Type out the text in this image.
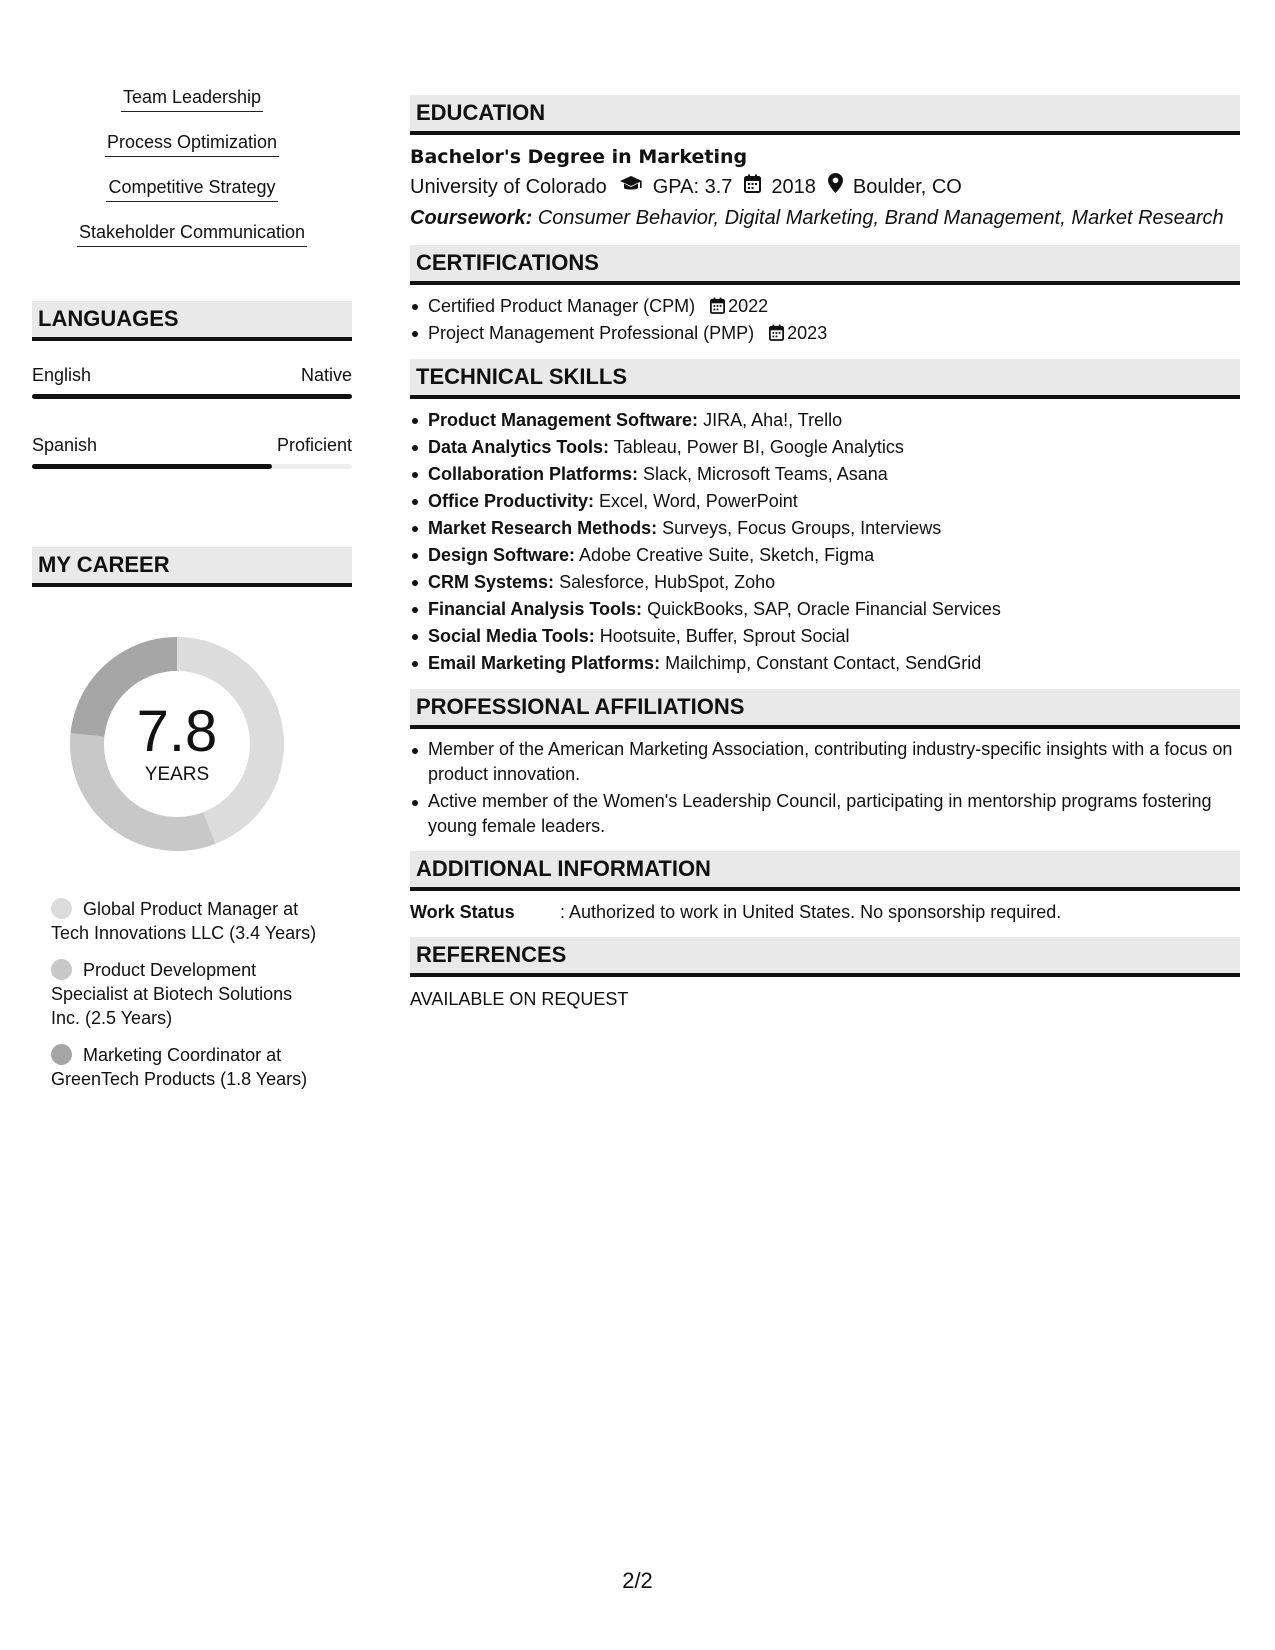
Team Leadership
Process Optimization
Competitive Strategy
Stakeholder Communication
LANGUAGES
English	Native
Spanish	Proficient
MY CAREER
7.8
YEARS
Global Product Manager at Tech Innovations LLC (3.4 Years)
Product Development Specialist at Biotech Solutions Inc. (2.5 Years)
Marketing Coordinator at GreenTech Products (1.8 Years)
EDUCATION
Bachelor's Degree in Marketing
University of Colorado GPA: 3.7 2018 Boulder, CO
Coursework: Consumer Behavior, Digital Marketing, Brand Management, Market Research
CERTIFICATIONS
Certified Product Manager (CPM) 2022
Project Management Professional (PMP) 2023
TECHNICAL SKILLS
Product Management Software: JIRA, Aha!, Trello
Data Analytics Tools: Tableau, Power BI, Google Analytics
Collaboration Platforms: Slack, Microsoft Teams, Asana
Office Productivity: Excel, Word, PowerPoint
Market Research Methods: Surveys, Focus Groups, Interviews
Design Software: Adobe Creative Suite, Sketch, Figma
CRM Systems: Salesforce, HubSpot, Zoho
Financial Analysis Tools: QuickBooks, SAP, Oracle Financial Services
Social Media Tools: Hootsuite, Buffer, Sprout Social
Email Marketing Platforms: Mailchimp, Constant Contact, SendGrid
PROFESSIONAL AFFILIATIONS
Member of the American Marketing Association, contributing industry-specific insights with a focus on product innovation.
Active member of the Women's Leadership Council, participating in mentorship programs fostering young female leaders.
ADDITIONAL INFORMATION
Work Status	: Authorized to work in United States. No sponsorship required.
REFERENCES
AVAILABLE ON REQUEST
2/2
